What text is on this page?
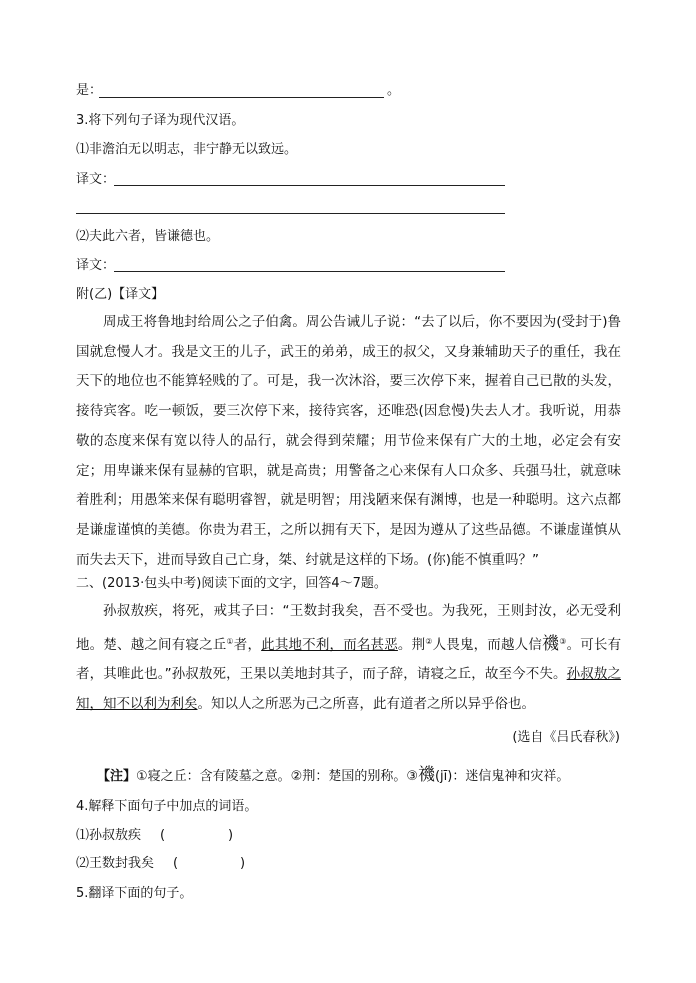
是：	。
3.将下列句子译为现代汉语。
⑴非澹泊无以明志，非宁静无以致远。
译文：
⑵夫此六者，皆谦德也。
译文：
附(乙)【译文】
周成王将鲁地封给周公之子伯禽。周公告诫儿子说：“去了以后，你不要因为(受封于)鲁国就怠慢人才。我是文王的儿子，武王的弟弟，成王的叔父，又身兼辅助天子的重任，我在天下的地位也不能算轻贱的了。可是，我一次沐浴，要三次停下来，握着自己已散的头发，接待宾客。吃一顿饭，要三次停下来，接待宾客，还唯恐(因怠慢)失去人才。我听说，用恭敬的态度来保有宽以待人的品行，就会得到荣耀；用节俭来保有广大的土地，必定会有安定；用卑谦来保有显赫的官职，就是高贵；用警备之心来保有人口众多、兵强马壮，就意味着胜利；用愚笨来保有聪明睿智，就是明智；用浅陋来保有渊博，也是一种聪明。这六点都是谦虚谨慎的美德。你贵为君王，之所以拥有天下，是因为遵从了这些品德。不谦虚谨慎从而失去天下，进而导致自己亡身，桀、纣就是这样的下场。(你)能不慎重吗？”
二、(2013·包头中考)阅读下面的文字，回答4～7题。
孙叔敖疾，将死，戒其子曰：“王数封我矣，吾不受也。为我死，王则封汝，必无受利地。楚、越之间有寝之丘①者，此其地不利，而名甚恶。荆②人畏鬼，而越人信禨③。可长有者，其唯此也。”孙叔敖死，王果以美地封其子，而子辞，请寝之丘，故至今不失。孙叔敖之知，知不以利为利矣。知以人之所恶为己之所喜，此有道者之所以异乎俗也。
(选自《吕氏春秋》)
【注】①寝之丘：含有陵墓之意。②荆：楚国的别称。③禨(jī)：迷信鬼神和灾祥。
4.解释下面句子中加点的词语。
⑴孙叔敖疾 (	)
⑵王数封我矣 (	)
5.翻译下面的句子。
